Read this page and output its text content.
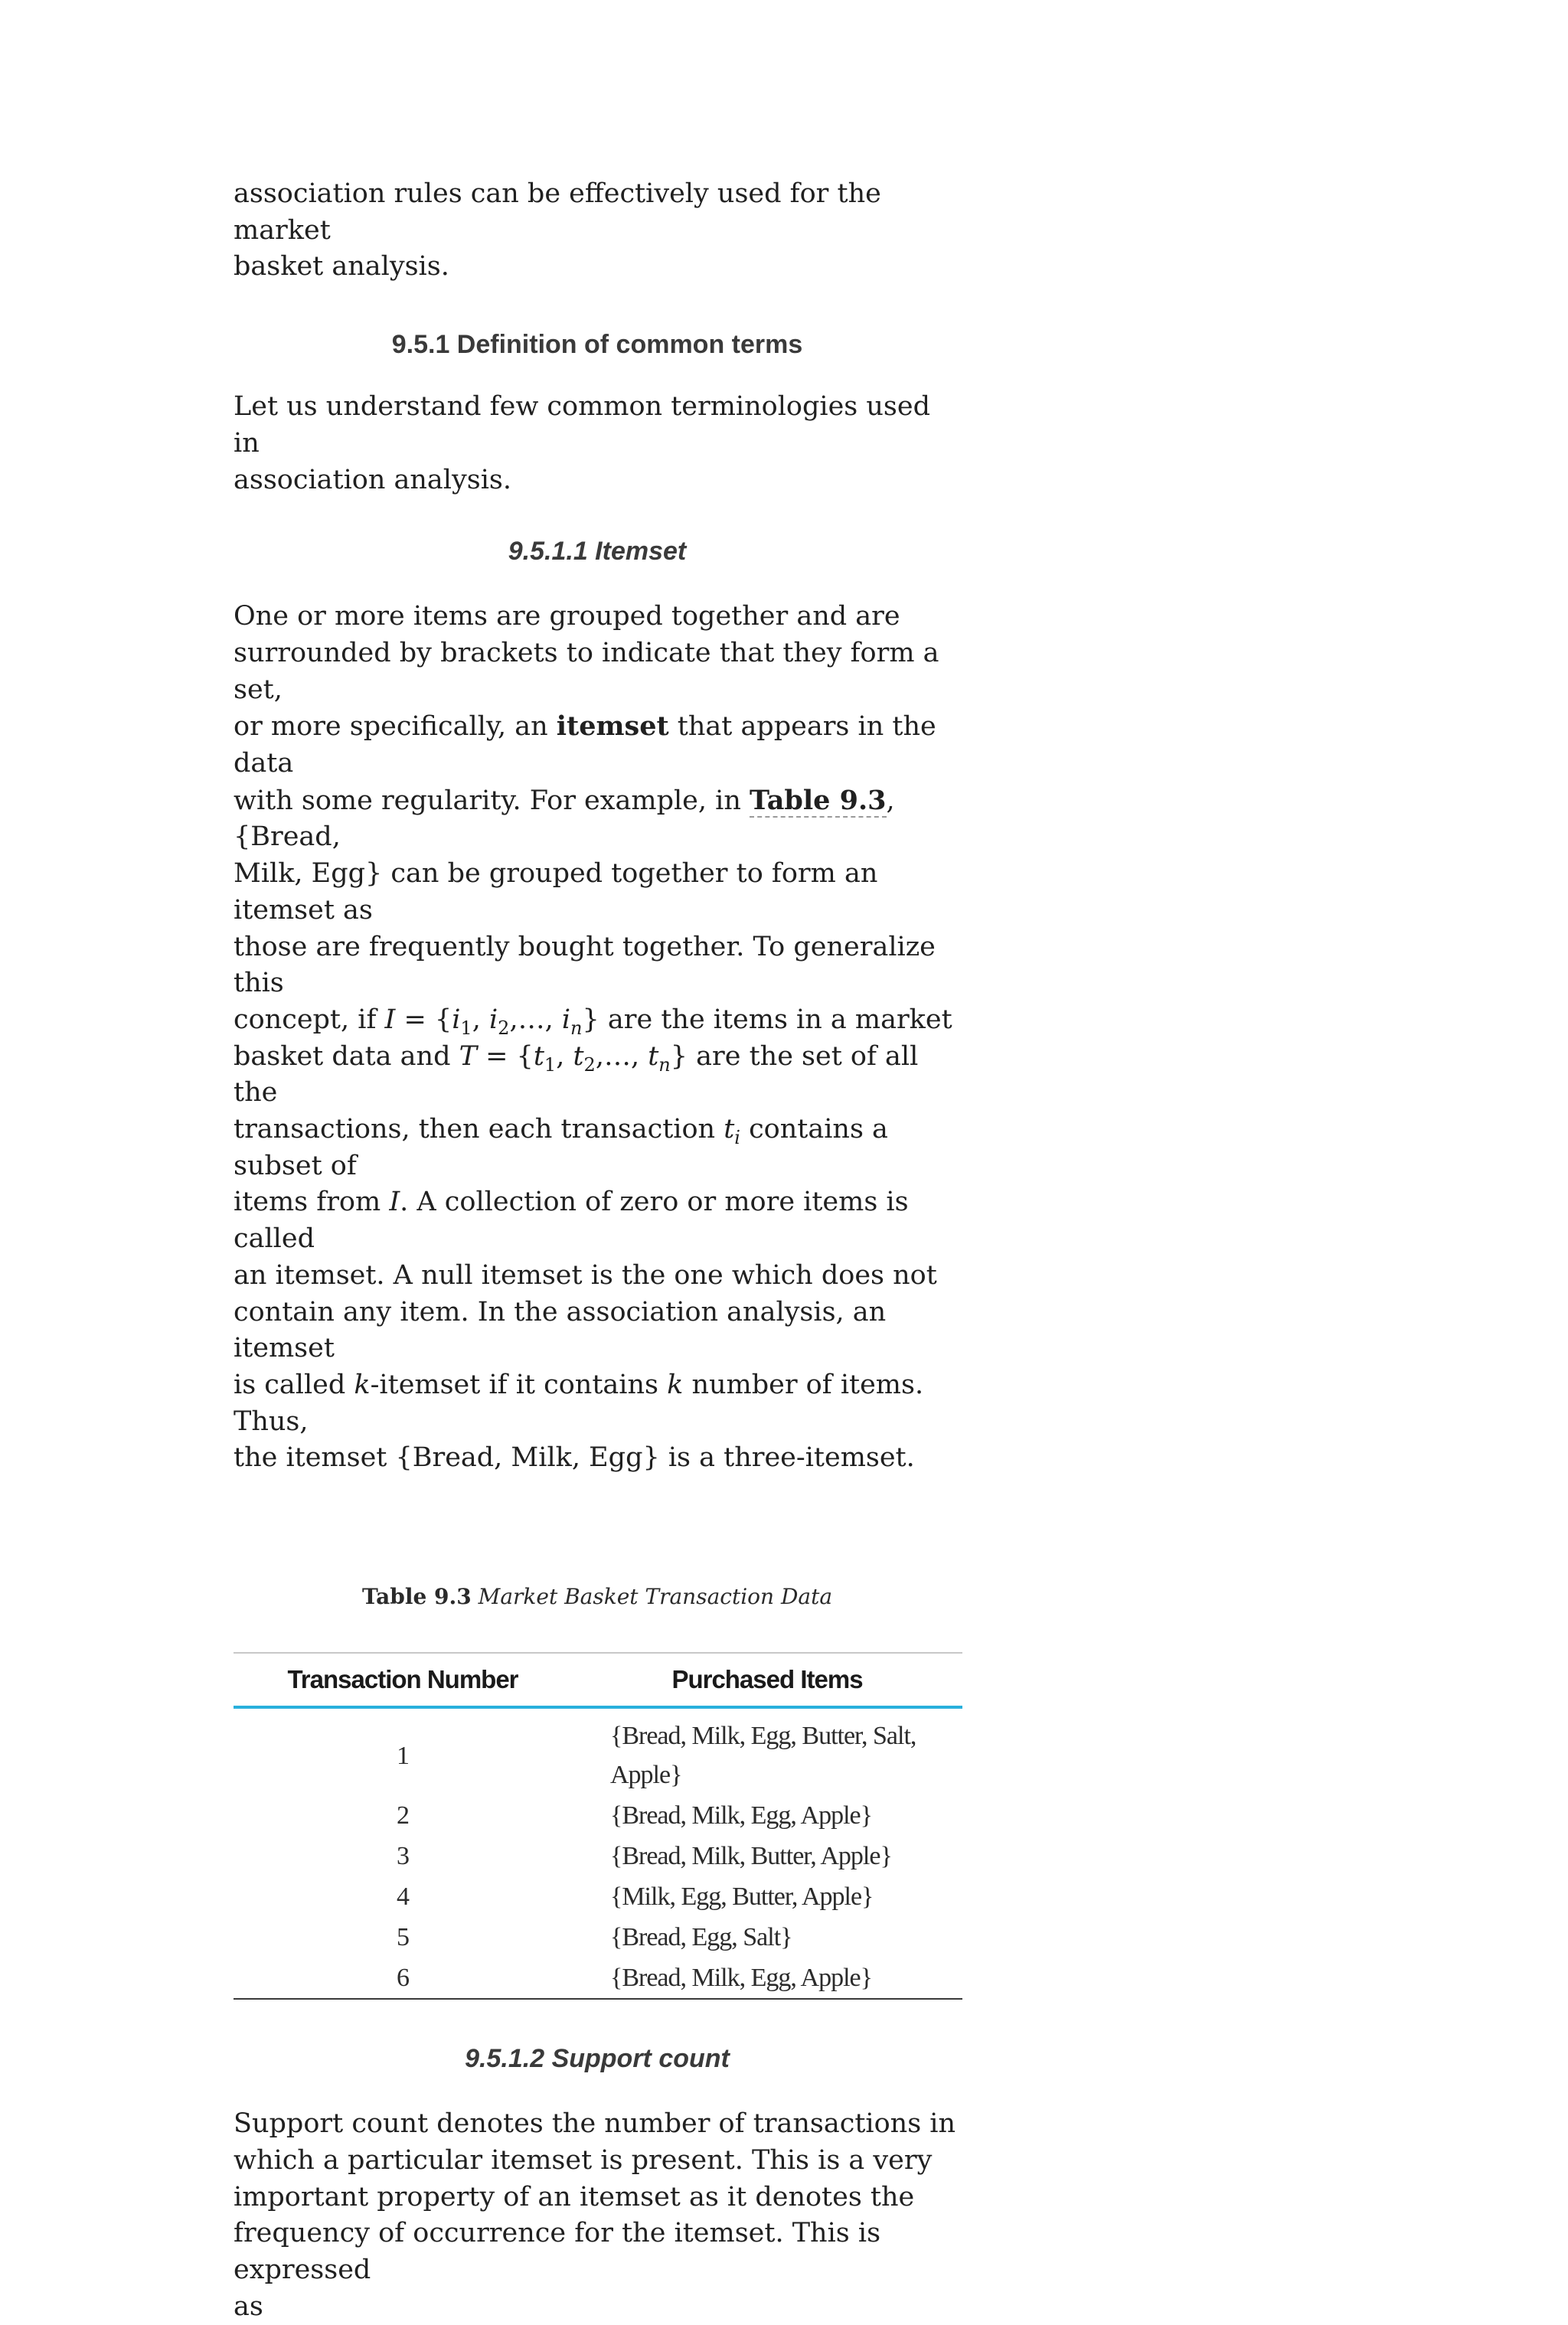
association rules can be effectively used for the market
basket analysis.

9.5.1 Definition of common terms

Let us understand few common terminologies used in
association analysis.

9.5.1.1 Itemset

One or more items are grouped together and are
surrounded by brackets to indicate that they form a set,
or more specifically, an itemset that appears in the data
with some regularity. For example, in Table 9.3, {Bread,
Milk, Egg} can be grouped together to form an itemset as
those are frequently bought together. To generalize this
concept, if $I = \{i_1$, $i_2,\dots$, $i_n$} are the items in a market
basket data and $T = \{t_1$, $t_2,\dots$, $t_n$} are the set of all the
transactions, then each transaction $t_i$ contains a subset of
items from I. A collection of zero or more items is called
an itemset. A null itemset is the one which does not
contain any item. In the association analysis, an itemset
is called k-itemset if it contains k number of items. Thus,
the itemset {Bread, Milk, Egg} is a three-itemset.

Table 9.3 Market Basket Transaction Data
Transaction Number	Purchased Items
1	{Bread, Milk, Egg, Butter, Salt, Apple}
2	{Bread, Milk, Egg, Apple}
3	{Bread, Milk, Butter, Apple}
4	{Milk, Egg, Butter, Apple}
5	{Bread, Egg, Salt}
6	{Bread, Milk, Egg, Apple}
9.5.1.2 Support count

Support count denotes the number of transactions in
which a particular itemset is present. This is a very
important property of an itemset as it denotes the
frequency of occurrence for the itemset. This is expressed
as
